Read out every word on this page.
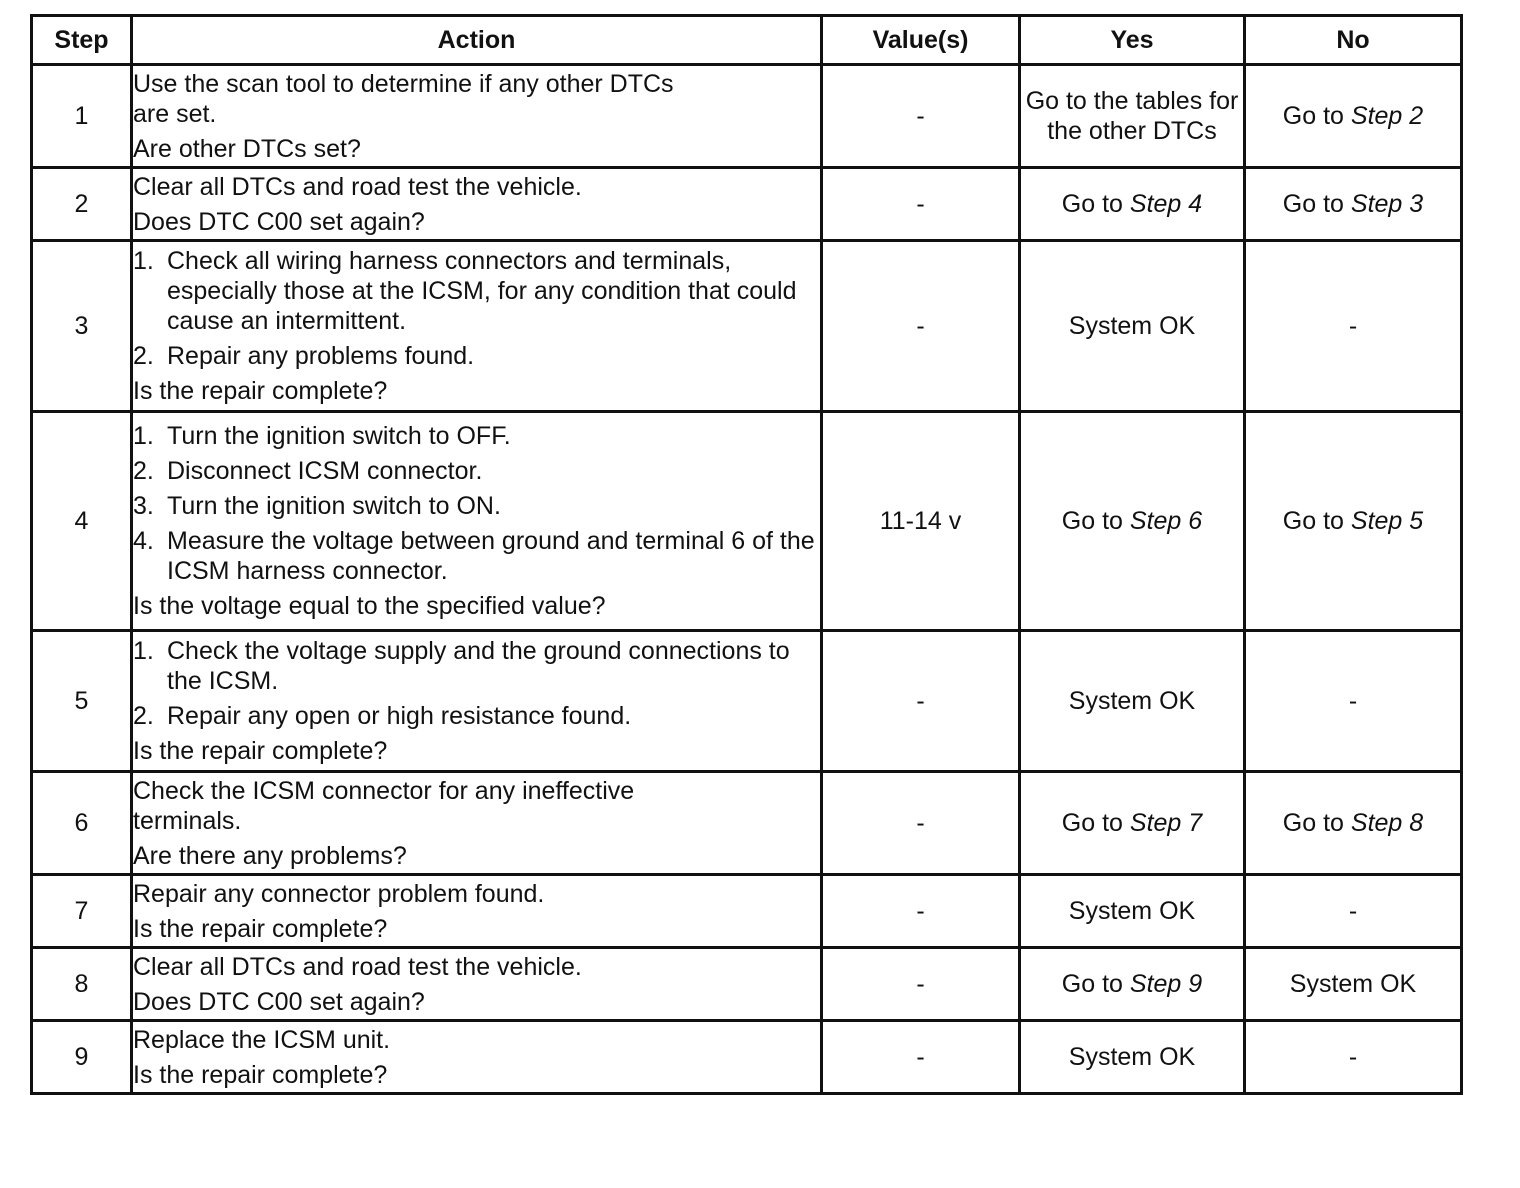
Step	Action	Value(s)	Yes	No
1	Use the scan tool to determine if any other DTCs
are set.
Are other DTCs set?	-	Go to the tables for the other DTCs	Go to Step 2
2	Clear all DTCs and road test the vehicle.
Does DTC C00 set again?	-	Go to Step 4	Go to Step 3
3	1. Check all wiring harness connectors and terminals, especially those at the ICSM, for any condition that could cause an intermittent.
2. Repair any problems found.
Is the repair complete?	-	System OK	-
4	1. Turn the ignition switch to OFF.
2. Disconnect ICSM connector.
3. Turn the ignition switch to ON.
4. Measure the voltage between ground and terminal 6 of the ICSM harness connector.
Is the voltage equal to the specified value?	11-14 v	Go to Step 6	Go to Step 5
5	1. Check the voltage supply and the ground connections to the ICSM.
2. Repair any open or high resistance found.
Is the repair complete?	-	System OK	-
6	Check the ICSM connector for any ineffective
terminals.
Are there any problems?	-	Go to Step 7	Go to Step 8
7	Repair any connector problem found.
Is the repair complete?	-	System OK	-
8	Clear all DTCs and road test the vehicle.
Does DTC C00 set again?	-	Go to Step 9	System OK
9	Replace the ICSM unit.
Is the repair complete?	-	System OK	-
